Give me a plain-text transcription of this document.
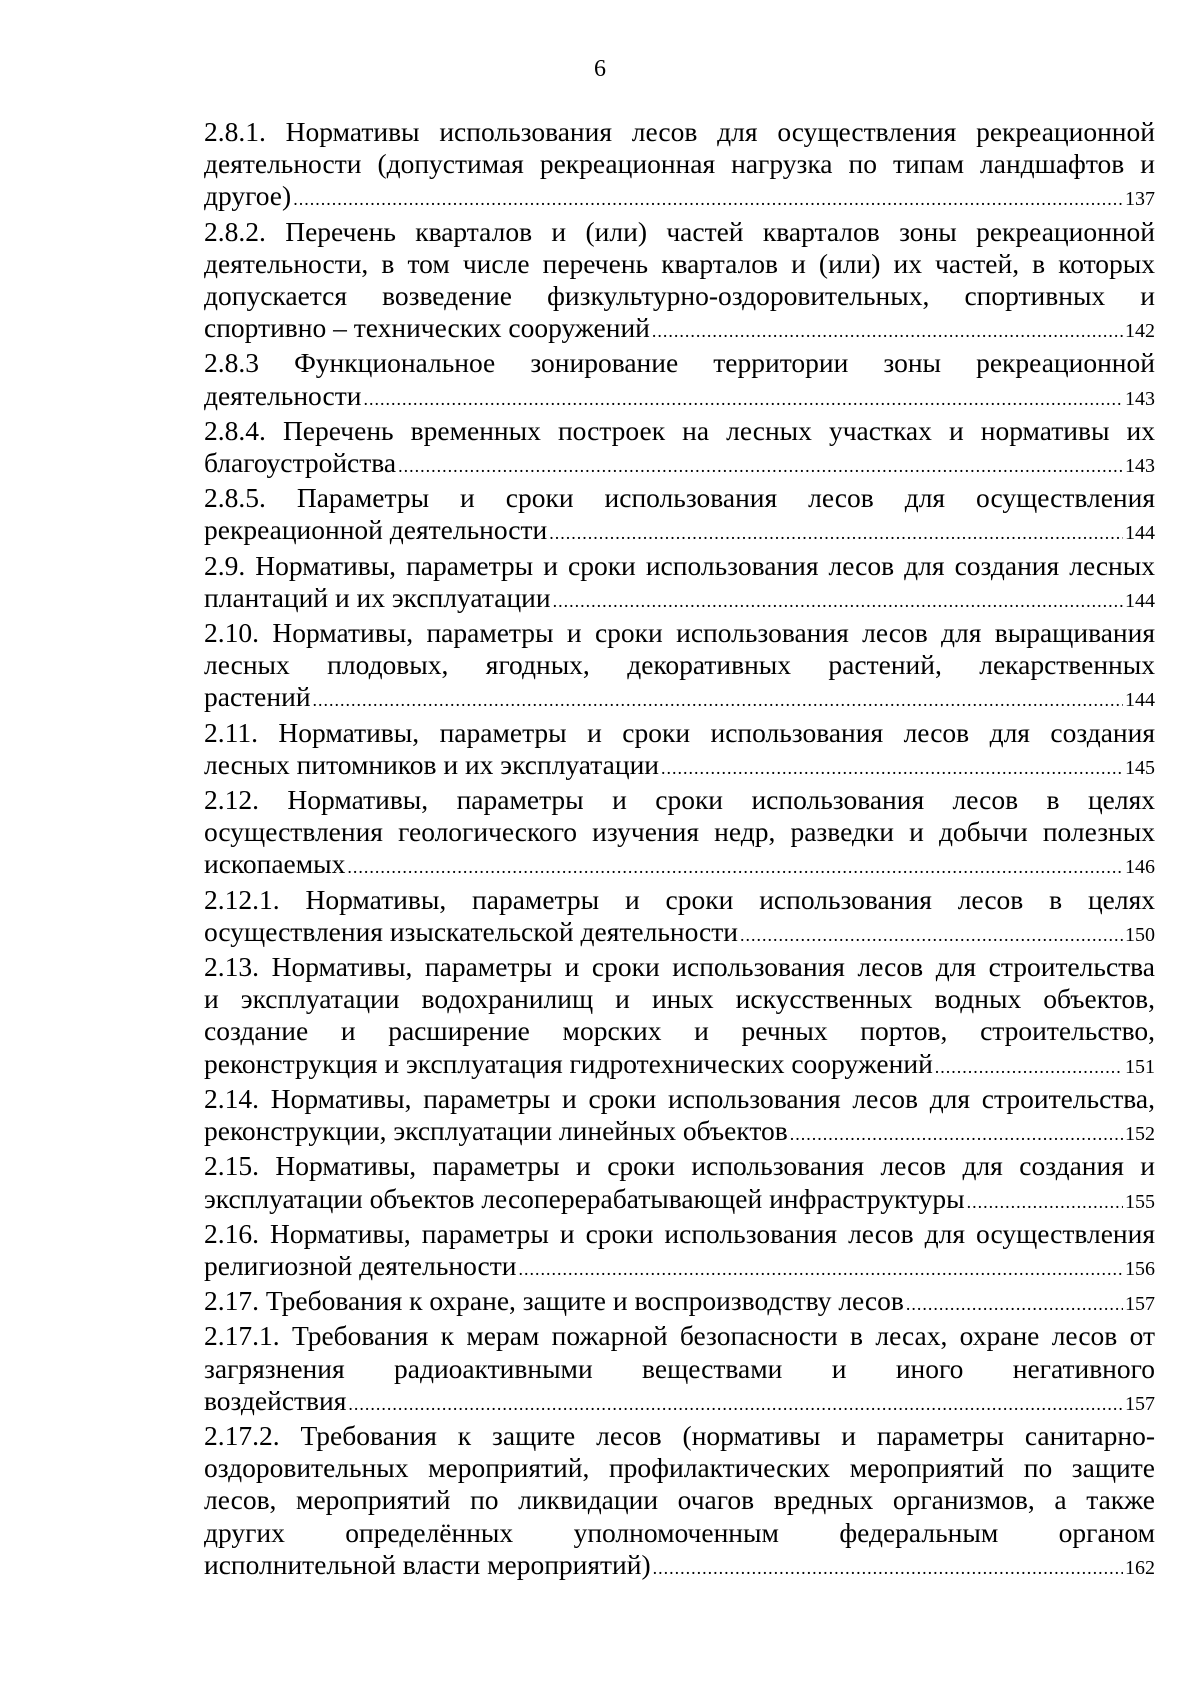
6

2.8.1. Нормативы использования лесов для осуществления рекреационной

деятельности (допустимая рекреационная нагрузка по типам ландшафтов и

другое) .....	137

2.8.2. Перечень кварталов и (или) частей кварталов зоны рекреационной

деятельности, в том числе перечень кварталов и (или) их частей, в которых

допускается возведение физкультурно-оздоровительных, спортивных и

спортивно – технических сооружений .....	142

2.8.3 Функциональное зонирование территории зоны рекреационной

деятельности .....	143

2.8.4. Перечень временных построек на лесных участках и нормативы их

благоустройства .....	143

2.8.5. Параметры и сроки использования лесов для осуществления

рекреационной деятельности .....	144

2.9. Нормативы, параметры и сроки использования лесов для создания лесных

плантаций и их эксплуатации .....	144

2.10. Нормативы, параметры и сроки использования лесов для выращивания

лесных плодовых, ягодных, декоративных растений, лекарственных

растений .....	144

2.11. Нормативы, параметры и сроки использования лесов для создания

лесных питомников и их эксплуатации .....	145

2.12. Нормативы, параметры и сроки использования лесов в целях

осуществления геологического изучения недр, разведки и добычи полезных

ископаемых .....	146

2.12.1. Нормативы, параметры и сроки использования лесов в целях

осуществления изыскательской деятельности .....	150

2.13. Нормативы, параметры и сроки использования лесов для строительства

и эксплуатации водохранилищ и иных искусственных водных объектов,

создание и расширение морских и речных портов, строительство,

реконструкция и эксплуатация гидротехнических сооружений .....	151

2.14. Нормативы, параметры и сроки использования лесов для строительства,

реконструкции, эксплуатации линейных объектов .....	152

2.15. Нормативы, параметры и сроки использования лесов для создания и

эксплуатации объектов лесоперерабатывающей инфраструктуры .....	155

2.16. Нормативы, параметры и сроки использования лесов для осуществления

религиозной деятельности .....	156
2.17. Требования к охране, защите и воспроизводству лесов .....	157

2.17.1. Требования к мерам пожарной безопасности в лесах, охране лесов от

загрязнения радиоактивными веществами и иного негативного

воздействия .....	157

2.17.2. Требования к защите лесов (нормативы и параметры санитарно-

оздоровительных мероприятий, профилактических мероприятий по защите

лесов, мероприятий по ликвидации очагов вредных организмов, а также

других определённых уполномоченным федеральным органом

исполнительной власти мероприятий) .....	162
